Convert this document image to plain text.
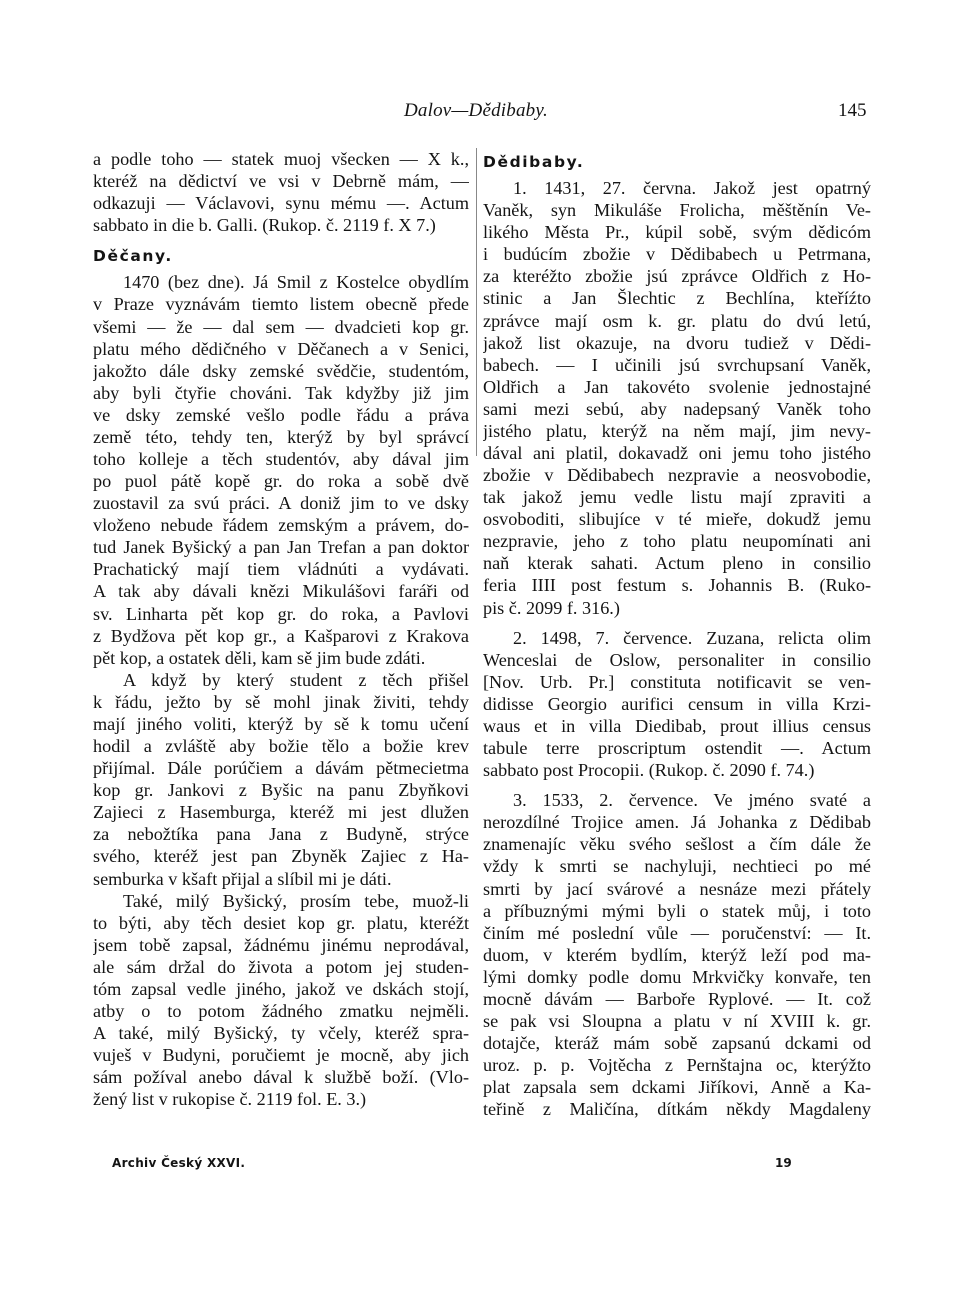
Dalov—Dědibaby.	145
a podle toho — statek muoj všecken — X k.,
kteréž na dědictví ve vsi v Debrně mám, —
odkazuji — Václavovi, synu mému —. Actum
sabbato in die b. Galli. (Rukop. č. 2119 f. X 7.)
Děčany.
1470 (bez dne). Já Smil z Kostelce obydlím
v Praze vyznávám tiemto listem obecně přede
všemi — že — dal sem — dvadcieti kop gr.
platu mého dědičného v Děčanech a v Senici,
jakožto dále dsky zemské svědčie, studentóm,
aby byli čtyřie chováni. Tak kdyžby již jim
ve dsky zemské vešlo podle řádu a práva
země této, tehdy ten, kterýž by byl správcí
toho kolleje a těch studentóv, aby dával jim
po puol pátě kopě gr. do roka a sobě dvě
zuostavil za svú práci. A doniž jim to ve dsky
vloženo nebude řádem zemským a právem, do-
tud Janek Byšický a pan Jan Trefan a pan doktor
Prachatický mají tiem vládnúti a vydávati.
A tak aby dávali knězi Mikulášovi faráři od
sv. Linharta pět kop gr. do roka, a Pavlovi
z Bydžova pět kop gr., a Kašparovi z Krakova
pět kop, a ostatek děli, kam sě jim bude zdáti.
A když by který student z těch přišel
k řádu, ježto by sě mohl jinak živiti, tehdy
mají jiného voliti, kterýž by sě k tomu učení
hodil a zvláště aby božie tělo a božie krev
přijímal. Dále porúčiem a dávám pětmecietma
kop gr. Jankovi z Byšic na panu Zbyňkovi
Zajieci z Hasemburga, kteréž mi jest dlužen
za nebožtíka pana Jana z Budyně, strýce
svého, kteréž jest pan Zbyněk Zajiec z Ha-
semburka v kšaft přijal a slíbil mi je dáti.
Také, milý Byšický, prosím tebe, muož-li
to býti, aby těch desiet kop gr. platu, kteréžt
jsem tobě zapsal, žádnému jinému neprodával,
ale sám držal do života a potom jej studen-
tóm zapsal vedle jiného, jakož ve dskách stojí,
atby o to potom žádného zmatku nejměli.
A také, milý Byšický, ty včely, kteréž spra-
vuješ v Budyni, poručiemt je mocně, aby jich
sám požíval anebo dával k službě boží. (Vlo-
žený list v rukopise č. 2119 fol. E. 3.)
Dědibaby.
1. 1431, 27. června. Jakož jest opatrný
Vaněk, syn Mikuláše Frolicha, měštěnín Ve-
likého Města Pr., kúpil sobě, svým dědicóm
i budúcím zbožie v Dědibabech u Petrmana,
za kteréžto zbožie jsú zprávce Oldřich z Ho-
stinic a Jan Šlechtic z Bechlína, kteříźto
zprávce mají osm k. gr. platu do dvú letú,
jakož list okazuje, na dvoru tudiež v Dědi-
babech. — I učinili jsú svrchupsaní Vaněk,
Oldřich a Jan takovéto svolenie jednostajné
sami mezi sebú, aby nadepsaný Vaněk toho
jistého platu, kterýž na něm mají, jim nevy-
dával ani platil, dokavadž oni jemu toho jistého
zbožie v Dědibabech nezpravie a neosvobodie,
tak jakož jemu vedle listu mají zpraviti a
osvoboditi, slibujíce v té mieře, dokudž jemu
nezpravie, jeho z toho platu neupomínati ani
naň kterak sahati. Actum pleno in consilio
feria IIII post festum s. Johannis B. (Ruko-
pis č. 2099 f. 316.)
2. 1498, 7. července. Zuzana, relicta olim
Wenceslai de Oslow, personaliter in consilio
[Nov. Urb. Pr.] constituta notificavit se ven-
didisse Georgio aurifici censum in villa Krzi-
waus et in villa Diedibab, prout illius census
tabule terre proscriptum ostendit —. Actum
sabbato post Procopii. (Rukop. č. 2090 f. 74.)
3. 1533, 2. července. Ve jméno svaté a
nerozdílné Trojice amen. Já Johanka z Dědibab
znamenajíc věku svého sešlost a čím dále že
vždy k smrti se nachyluji, nechtieci po mé
smrti by jací svárové a nesnáze mezi přátely
a příbuznými mými byli o statek můj, i toto
činím mé poslední vůle — poručenství: — It.
duom, v kterém bydlím, kterýž leží pod ma-
lými domky podle domu Mrkvičky konvaře, ten
mocně dávám — Barboře Ryplové. — It. což
se pak vsi Sloupna a platu v ní XVIII k. gr.
dotajče, kteráž mám sobě zapsanú dckami od
uroz. p. p. Vojtěcha z Pernštajna oc, kterýžto
plat zapsala sem dckami Jiříkovi, Anně a Ka-
teřině z Maličína, dítkám někdy Magdaleny
Archiv Český XXVI.	19
